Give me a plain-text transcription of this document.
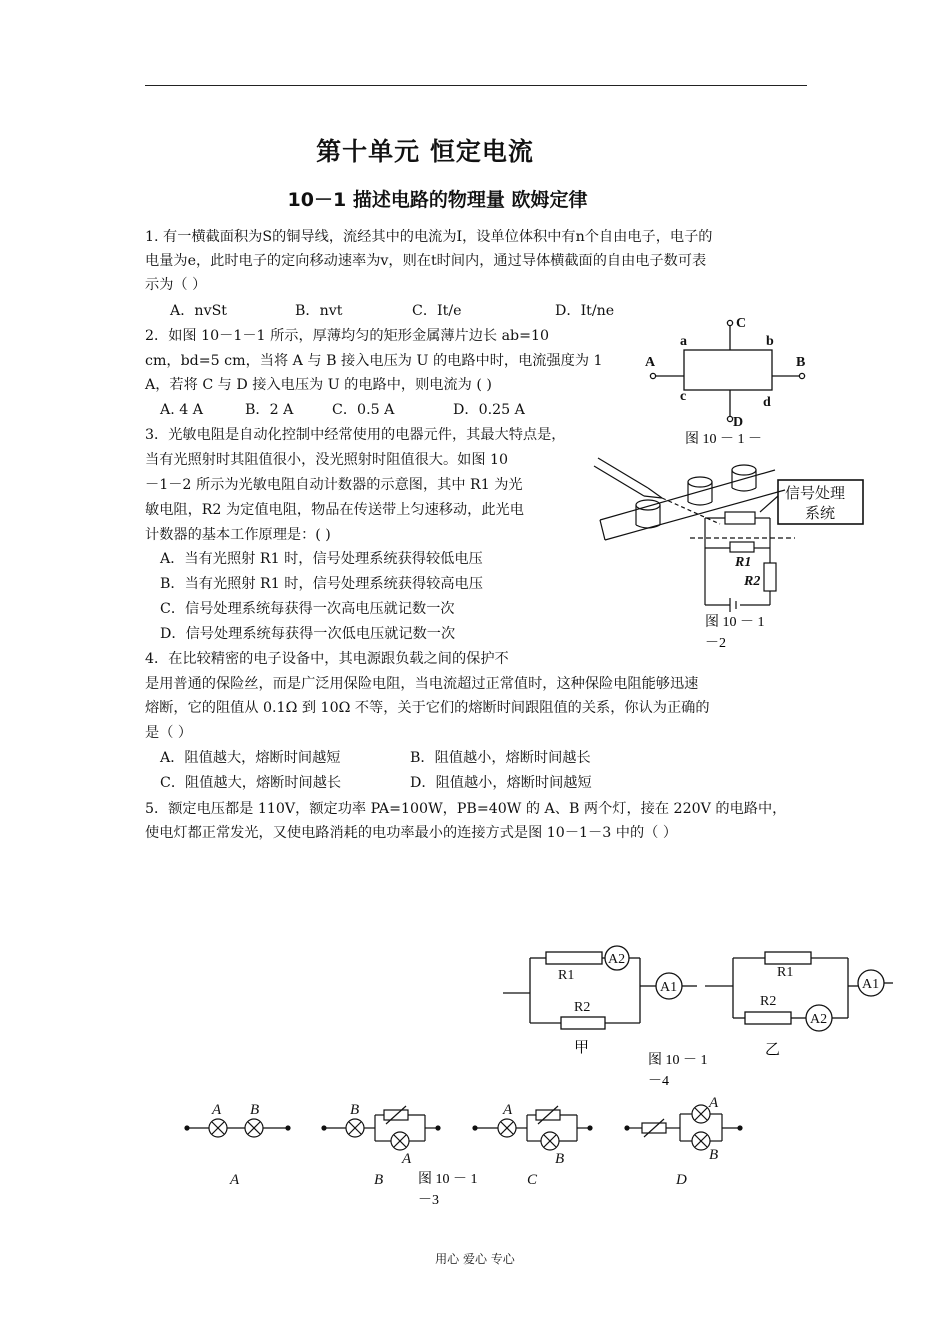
第十单元 恒定电流
10－1 描述电路的物理量 欧姆定律
1. 有一横截面积为S的铜导线，流经其中的电流为I，设单位体积中有n个自由电子，电子的
电量为e，此时电子的定向移动速率为v，则在t时间内，通过导体横截面的自由电子数可表
示为（ ）
A．nvSt	B．nvt	C．It/e	D．It/ne
2．如图 10－1－1 所示，厚薄均匀的矩形金属薄片边长 ab=10
cm，bd=5 cm，当将 A 与 B 接入电压为 U 的电路中时，电流强度为 1
A，若将 C 与 D 接入电压为 U 的电路中，则电流为 ( )
A. 4 A	B．2 A	C．0.5 A	D．0.25 A
3．光敏电阻是自动化控制中经常使用的电器元件，其最大特点是，
当有光照射时其阻值很小，没光照射时阻值很大。如图 10
－1－2 所示为光敏电阻自动计数器的示意图，其中 R1 为光
敏电阻，R2 为定值电阻，物品在传送带上匀速移动，此光电
计数器的基本工作原理是：( )
A．当有光照射 R1 时，信号处理系统获得较低电压
B．当有光照射 R1 时，信号处理系统获得较高电压
C．信号处理系统每获得一次高电压就记数一次
D．信号处理系统每获得一次低电压就记数一次
4．在比较精密的电子设备中，其电源跟负载之间的保护不
是用普通的保险丝，而是广泛用保险电阻，当电流超过正常值时，这种保险电阻能够迅速
熔断，它的阻值从 0.1Ω 到 10Ω 不等，关于它们的熔断时间跟阻值的关系，你认为正确的
是（ ）
A．阻值越大，熔断时间越短	B．阻值越小，熔断时间越长
C．阻值越大，熔断时间越长	D．阻值越小，熔断时间越短
5．额定电压都是 110V，额定功率 PA=100W，PB=40W 的 A、B 两个灯，接在 220V 的电路中，
使电灯都正常发光，又使电路消耗的电功率最小的连接方式是图 10－1－3 中的（ ）
C
D
A	B
a	b
c	d
图 10 － 1 －
信号处理
系统
R1
R2
图 10 － 1
－2
R1
R2
A2
A1
R1
R2
A2
A1
甲	乙
图 10 － 1
－4
A B	B
A
A
B
A
B
A	B	C	D
图 10 － 1
－3
用心 爱心 专心
